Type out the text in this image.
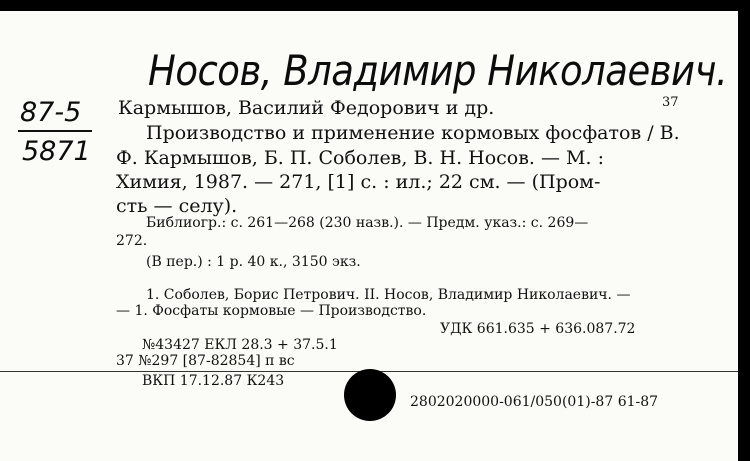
Носов, Владимир Николаевич.
87-5
5871
37
Кармышов, Василий Федорович и др.
Производство и применение кормовых фосфатов / В.
Ф. Кармышов, Б. П. Соболев, В. Н. Носов. — М. :
Химия, 1987. — 271, [1] с. : ил.; 22 см. — (Пром-
сть — селу).
Библиогр.: с. 261—268 (230 назв.). — Предм. указ.: с. 269—
272.
(В пер.) : 1 р. 40 к., 3150 экз.
1. Соболев, Борис Петрович. II. Носов, Владимир Николаевич. —
— 1. Фосфаты кормовые — Производство.
УДК 661.635 + 636.087.72
№43427 ЕКЛ 28.3 + 37.5.1
37 №297 [87-82854] п вс
ВКП 17.12.87 К243
2802020000-061/050(01)-87 61-87
